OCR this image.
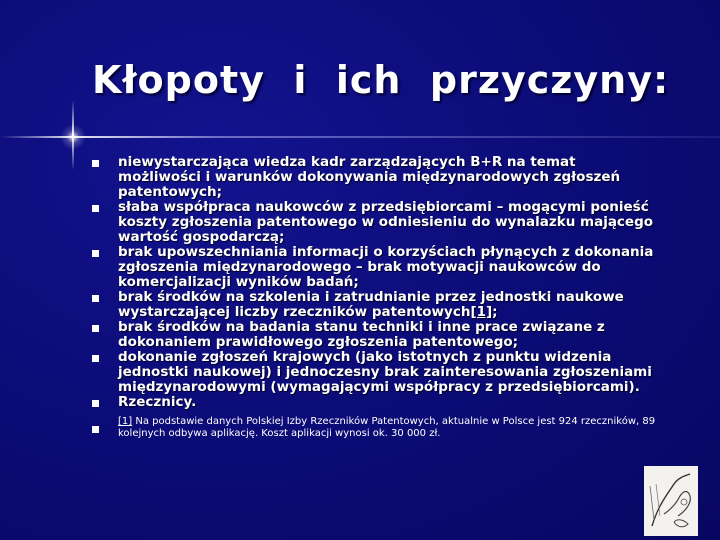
Kłopoty  i  ich  przyczyny:
niewystarczająca wiedza kadr zarządzających B+R na temat możliwości i warunków dokonywania międzynarodowych zgłoszeń patentowych;
słaba współpraca naukowców z przedsiębiorcami – mogącymi ponieść koszty zgłoszenia patentowego w odniesieniu do wynalazku mającego wartość gospodarczą;
brak upowszechniania informacji o korzyściach płynących z dokonania zgłoszenia międzynarodowego – brak motywacji naukowców do komercjalizacji wyników badań;
brak środków na szkolenia i zatrudnianie przez jednostki naukowe wystarczającej liczby rzeczników patentowych[1];
brak środków na badania stanu techniki i inne prace związane z dokonaniem prawidłowego zgłoszenia patentowego;
dokonanie zgłoszeń krajowych (jako istotnych z punktu widzenia jednostki naukowej) i jednoczesny brak zainteresowania zgłoszeniami międzynarodowymi (wymagającymi współpracy z przedsiębiorcami).
Rzecznicy.
[1] Na podstawie danych Polskiej Izby Rzeczników Patentowych, aktualnie w Polsce jest 924 rzeczników, 89 kolejnych odbywa aplikację. Koszt aplikacji wynosi ok. 30 000 zł.
